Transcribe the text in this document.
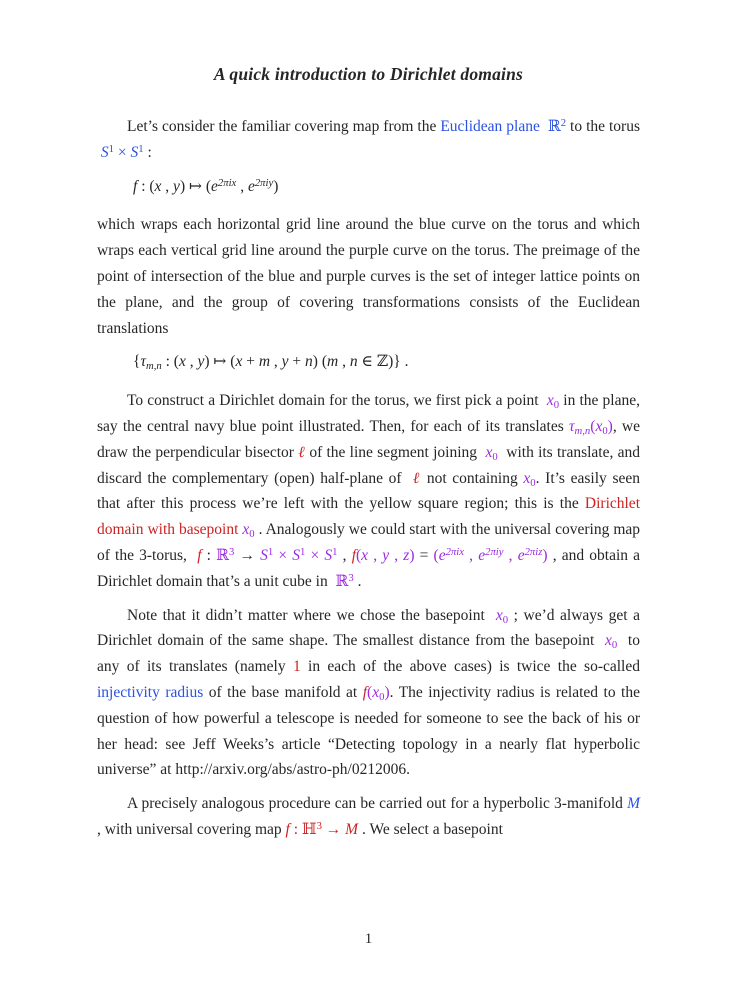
A quick introduction to Dirichlet domains
Let’s consider the familiar covering map from the Euclidean plane ℝ$^2$ to the torus  $S^1 \times S^1$ :
f : (x , y) ↦ ($e^{2\pi ix}$ , $e^{2\pi iy}$)
which wraps each horizontal grid line around the blue curve on the torus and which wraps each vertical grid line around the purple curve on the torus. The preimage of the point of intersection of the blue and purple curves is the set of integer lattice points on the plane, and the group of covering transformations consists of the Euclidean translations
{$\tau_{m,n}$ : (x , y) ↦ (x + m , y + n) (m , n ∈ ℤ)} .
To construct a Dirichlet domain for the torus, we first pick a point  $x_0$ in the plane, say the central navy blue point illustrated. Then, for each of its translates $\tau_{m,n}(x_0)$, we draw the perpendicular bisector ℓ of the line segment joining  $x_0$  with its translate, and discard the complementary (open) half-plane of  ℓ not containing $x_0$. It’s easily seen that after this process we’re left with the yellow square region; this is the Dirichlet domain with basepoint $x_0$ . Analogously we could start with the universal covering map of the 3-torus,  f : ℝ$^3$ → $S^1 \times S^1 \times S^1$ , f(x , y , $z) = (e^{2\pi ix}$ , $e^{2\pi iy}$ , $e^{2\pi iz}$) , and obtain a Dirichlet domain that’s a unit cube in  ℝ$^3$ .
Note that it didn’t matter where we chose the basepoint  $x_0$ ; we’d always get a Dirichlet domain of the same shape. The smallest distance from the basepoint  $x_0$  to any of its translates (namely 1 in each of the above cases) is twice the so-called injectivity radius of the base manifold at $f(x_0)$. The injectivity radius is related to the question of how powerful a telescope is needed for someone to see the back of his or her head: see Jeff Weeks’s article “Detecting topology in a nearly flat hyperbolic universe” at http://arxiv.org/abs/astro-ph/0212006.
A precisely analogous procedure can be carried out for a hyperbolic 3-manifold M , with universal covering map f : ℍ$^3$ → M . We select a basepoint
1
